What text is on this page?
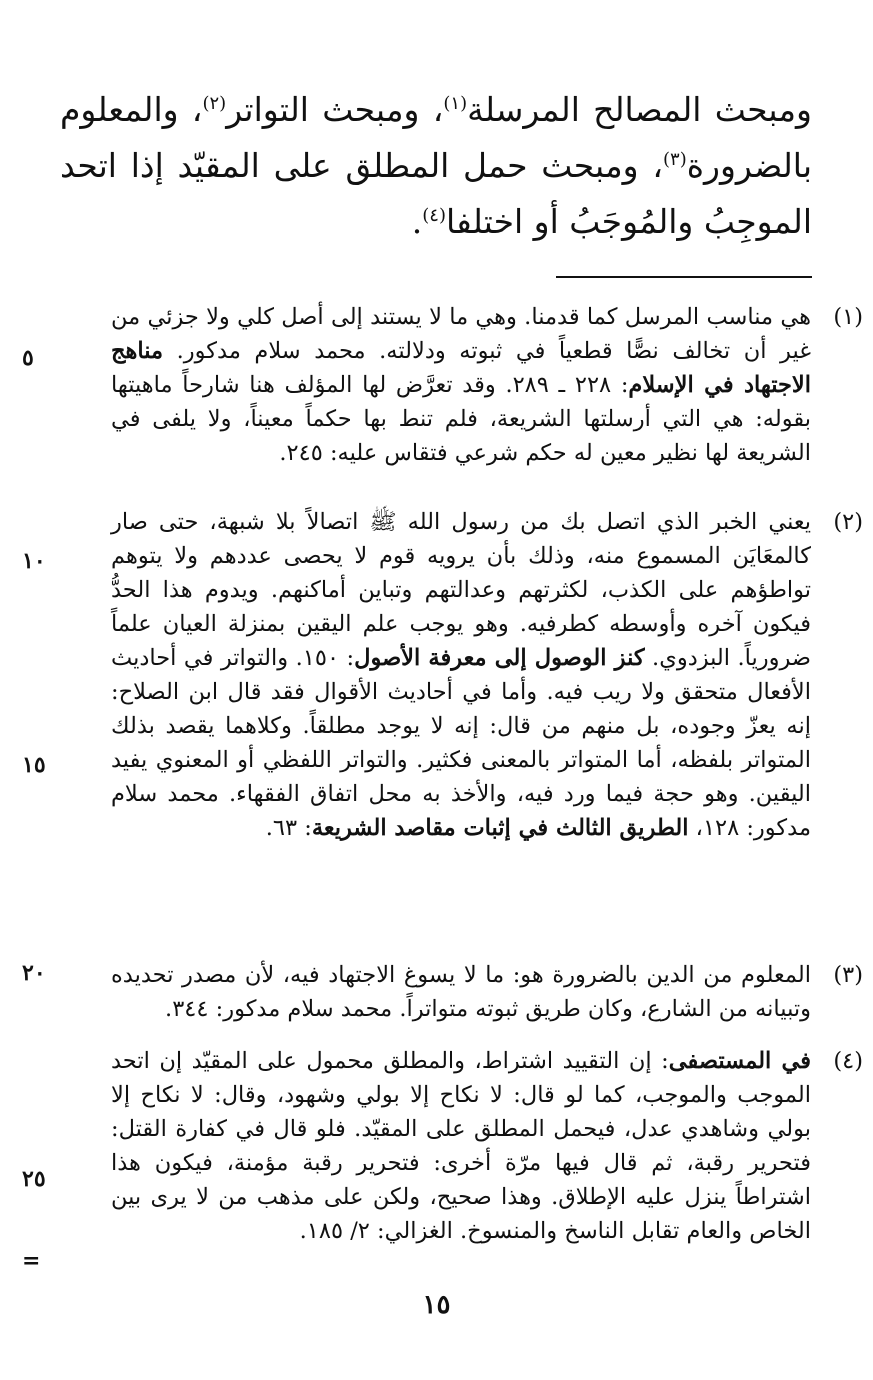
ومبحث المصالح المرسلة$^{(١)}$، ومبحث التواتر$^{(٢)}$، والمعلوم بالضرورة$^{(٣)}$، ومبحث حمل المطلق على المقيّد إذا اتحد الموجِبُ والمُوجَبُ أو اختلفا$^{(٤)}$.

(١)

هي مناسب المرسل كما قدمنا. وهي ما لا يستند إلى أصل كلي ولا جزئي من غير أن تخالف نصًّا قطعياً في ثبوته ودلالته. محمد سلام مدكور. مناهج الاجتهاد في الإسلام: ٢٢٨ ـ ٢٨٩. وقد تعرَّض لها المؤلف هنا شارحاً ماهيتها بقوله: هي التي أرسلتها الشريعة، فلم تنط بها حكماً معيناً، ولا يلفى في الشريعة لها نظير معين له حكم شرعي فتقاس عليه: ٢٤٥.

(٢)

يعني الخبر الذي اتصل بك من رسول الله ﷺ اتصالاً بلا شبهة، حتى صار كالمعَايَن المسموع منه، وذلك بأن يرويه قوم لا يحصى عددهم ولا يتوهم تواطؤهم على الكذب، لكثرتهم وعدالتهم وتباين أماكنهم. ويدوم هذا الحدُّ فيكون آخره وأوسطه كطرفيه. وهو يوجب علم اليقين بمنزلة العيان علماً ضرورياً. البزدوي. كنز الوصول إلى معرفة الأصول: ١٥٠. والتواتر في أحاديث الأفعال متحقق ولا ريب فيه. وأما في أحاديث الأقوال فقد قال ابن الصلاح: إنه يعزّ وجوده، بل منهم من قال: إنه لا يوجد مطلقاً. وكلاهما يقصد بذلك المتواتر بلفظه، أما المتواتر بالمعنى فكثير. والتواتر اللفظي أو المعنوي يفيد اليقين. وهو حجة فيما ورد فيه، والأخذ به محل اتفاق الفقهاء. محمد سلام مدكور: ١٢٨، الطريق الثالث في إثبات مقاصد الشريعة: ٦٣.

(٣)

المعلوم من الدين بالضرورة هو: ما لا يسوغ الاجتهاد فيه، لأن مصدر تحديده وتبيانه من الشارع، وكان طريق ثبوته متواتراً. محمد سلام مدكور: ٣٤٤.

(٤)

في المستصفى: إن التقييد اشتراط، والمطلق محمول على المقيّد إن اتحد الموجب والموجب، كما لو قال: لا نكاح إلا بولي وشهود، وقال: لا نكاح إلا بولي وشاهدي عدل، فيحمل المطلق على المقيّد. فلو قال في كفارة القتل: فتحرير رقبة، ثم قال فيها مرّة أخرى: فتحرير رقبة مؤمنة، فيكون هذا اشتراطاً ينزل عليه الإطلاق. وهذا صحيح، ولكن على مذهب من لا يرى بين الخاص والعام تقابل الناسخ والمنسوخ. الغزالي: ٢/ ١٨٥.

٥
١٠
١٥
٢٠
٢٥
=
١٥
